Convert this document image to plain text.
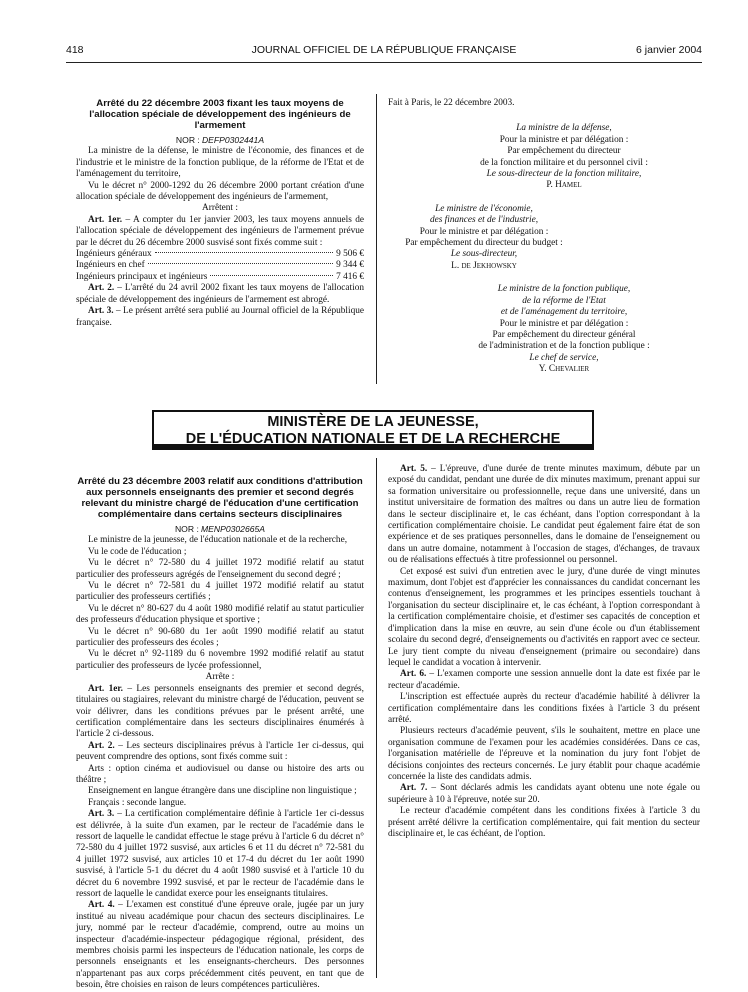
418	JOURNAL OFFICIEL DE LA RÉPUBLIQUE FRANÇAISE	6 janvier 2004
Arrêté du 22 décembre 2003 fixant les taux moyens de l'allocation spéciale de développement des ingénieurs de l'armement

NOR : DEFP0302441A

La ministre de la défense, le ministre de l'économie, des finances et de l'industrie et le ministre de la fonction publique, de la réforme de l'Etat et de l'aménagement du territoire,

Vu le décret n° 2000-1292 du 26 décembre 2000 portant création d'une allocation spéciale de développement des ingénieurs de l'armement,

Arrêtent :

Art. 1er. – A compter du 1er janvier 2003, les taux moyens annuels de l'allocation spéciale de développement des ingénieurs de l'armement prévue par le décret du 26 décembre 2000 susvisé sont fixés comme suit :

Ingénieurs généraux	9 506 €
Ingénieurs en chef	9 344 €
Ingénieurs principaux et ingénieurs	7 416 €

Art. 2. – L'arrêté du 24 avril 2002 fixant les taux moyens de l'allocation spéciale de développement des ingénieurs de l'armement est abrogé.

Art. 3. – Le présent arrêté sera publié au Journal officiel de la République française.

Fait à Paris, le 22 décembre 2003.

La ministre de la défense,
Pour la ministre et par délégation :
Par empêchement du directeur
de la fonction militaire et du personnel civil :
Le sous-directeur de la fonction militaire,
P. Hamel

Le ministre de l'économie,
des finances et de l'industrie,
Pour le ministre et par délégation :
Par empêchement du directeur du budget :
Le sous-directeur,
L. de Jekhowsky

Le ministre de la fonction publique,
de la réforme de l'Etat
et de l'aménagement du territoire,
Pour le ministre et par délégation :
Par empêchement du directeur général
de l'administration et de la fonction publique :
Le chef de service,
Y. Chevalier

MINISTÈRE DE LA JEUNESSE,
DE L'ÉDUCATION NATIONALE ET DE LA RECHERCHE
Arrêté du 23 décembre 2003 relatif aux conditions d'attribution aux personnels enseignants des premier et second degrés relevant du ministre chargé de l'éducation d'une certification complémentaire dans certains secteurs disciplinaires

NOR : MENP0302665A

Le ministre de la jeunesse, de l'éducation nationale et de la recherche,

Vu le code de l'éducation ;

Vu le décret n° 72-580 du 4 juillet 1972 modifié relatif au statut particulier des professeurs agrégés de l'enseignement du second degré ;

Vu le décret n° 72-581 du 4 juillet 1972 modifié relatif au statut particulier des professeurs certifiés ;

Vu le décret n° 80-627 du 4 août 1980 modifié relatif au statut particulier des professeurs d'éducation physique et sportive ;

Vu le décret n° 90-680 du 1er août 1990 modifié relatif au statut particulier des professeurs des écoles ;

Vu le décret n° 92-1189 du 6 novembre 1992 modifié relatif au statut particulier des professeurs de lycée professionnel,

Arrête :

Art. 1er. – Les personnels enseignants des premier et second degrés, titulaires ou stagiaires, relevant du ministre chargé de l'éducation, peuvent se voir délivrer, dans les conditions prévues par le présent arrêté, une certification complémentaire dans les secteurs disciplinaires énumérés à l'article 2 ci-dessous.

Art. 2. – Les secteurs disciplinaires prévus à l'article 1er ci-dessus, qui peuvent comprendre des options, sont fixés comme suit :

Arts : option cinéma et audiovisuel ou danse ou histoire des arts ou théâtre ;

Enseignement en langue étrangère dans une discipline non linguistique ;

Français : seconde langue.

Art. 3. – La certification complémentaire définie à l'article 1er ci-dessus est délivrée, à la suite d'un examen, par le recteur de l'académie dans le ressort de laquelle le candidat effectue le stage prévu à l'article 6 du décret n° 72-580 du 4 juillet 1972 susvisé, aux articles 6 et 11 du décret n° 72-581 du 4 juillet 1972 susvisé, aux articles 10 et 17-4 du décret du 1er août 1990 susvisé, à l'article 5-1 du décret du 4 août 1980 susvisé et à l'article 10 du décret du 6 novembre 1992 susvisé, et par le recteur de l'académie dans le ressort de laquelle le candidat exerce pour les enseignants titulaires.

Art. 4. – L'examen est constitué d'une épreuve orale, jugée par un jury institué au niveau académique pour chacun des secteurs disciplinaires. Le jury, nommé par le recteur d'académie, comprend, outre au moins un inspecteur d'académie-inspecteur pédagogique régional, président, des membres choisis parmi les inspecteurs de l'éducation nationale, les corps de personnels enseignants et les enseignants-chercheurs. Des personnes n'appartenant pas aux corps précédemment cités peuvent, en tant que de besoin, être choisies en raison de leurs compétences particulières.

Art. 5. – L'épreuve, d'une durée de trente minutes maximum, débute par un exposé du candidat, pendant une durée de dix minutes maximum, prenant appui sur sa formation universitaire ou professionnelle, reçue dans une université, dans un institut universitaire de formation des maîtres ou dans un autre lieu de formation dans le secteur disciplinaire et, le cas échéant, dans l'option correspondant à la certification complémentaire choisie. Le candidat peut également faire état de son expérience et de ses pratiques personnelles, dans le domaine de l'enseignement ou dans un autre domaine, notamment à l'occasion de stages, d'échanges, de travaux ou de réalisations effectués à titre professionnel ou personnel.

Cet exposé est suivi d'un entretien avec le jury, d'une durée de vingt minutes maximum, dont l'objet est d'apprécier les connaissances du candidat concernant les contenus d'enseignement, les programmes et les principes essentiels touchant à l'organisation du secteur disciplinaire et, le cas échéant, à l'option correspondant à la certification complémentaire choisie, et d'estimer ses capacités de conception et d'implication dans la mise en œuvre, au sein d'une école ou d'un établissement scolaire du second degré, d'enseignements ou d'activités en rapport avec ce secteur. Le jury tient compte du niveau d'enseignement (primaire ou secondaire) dans lequel le candidat a vocation à intervenir.

Art. 6. – L'examen comporte une session annuelle dont la date est fixée par le recteur d'académie.

L'inscription est effectuée auprès du recteur d'académie habilité à délivrer la certification complémentaire dans les conditions fixées à l'article 3 du présent arrêté.

Plusieurs recteurs d'académie peuvent, s'ils le souhaitent, mettre en place une organisation commune de l'examen pour les académies considérées. Dans ce cas, l'organisation matérielle de l'épreuve et la nomination du jury font l'objet de décisions conjointes des recteurs concernés. Le jury établit pour chaque académie concernée la liste des candidats admis.

Art. 7. – Sont déclarés admis les candidats ayant obtenu une note égale ou supérieure à 10 à l'épreuve, notée sur 20.

Le recteur d'académie compétent dans les conditions fixées à l'article 3 du présent arrêté délivre la certification complémentaire, qui fait mention du secteur disciplinaire et, le cas échéant, de l'option.
